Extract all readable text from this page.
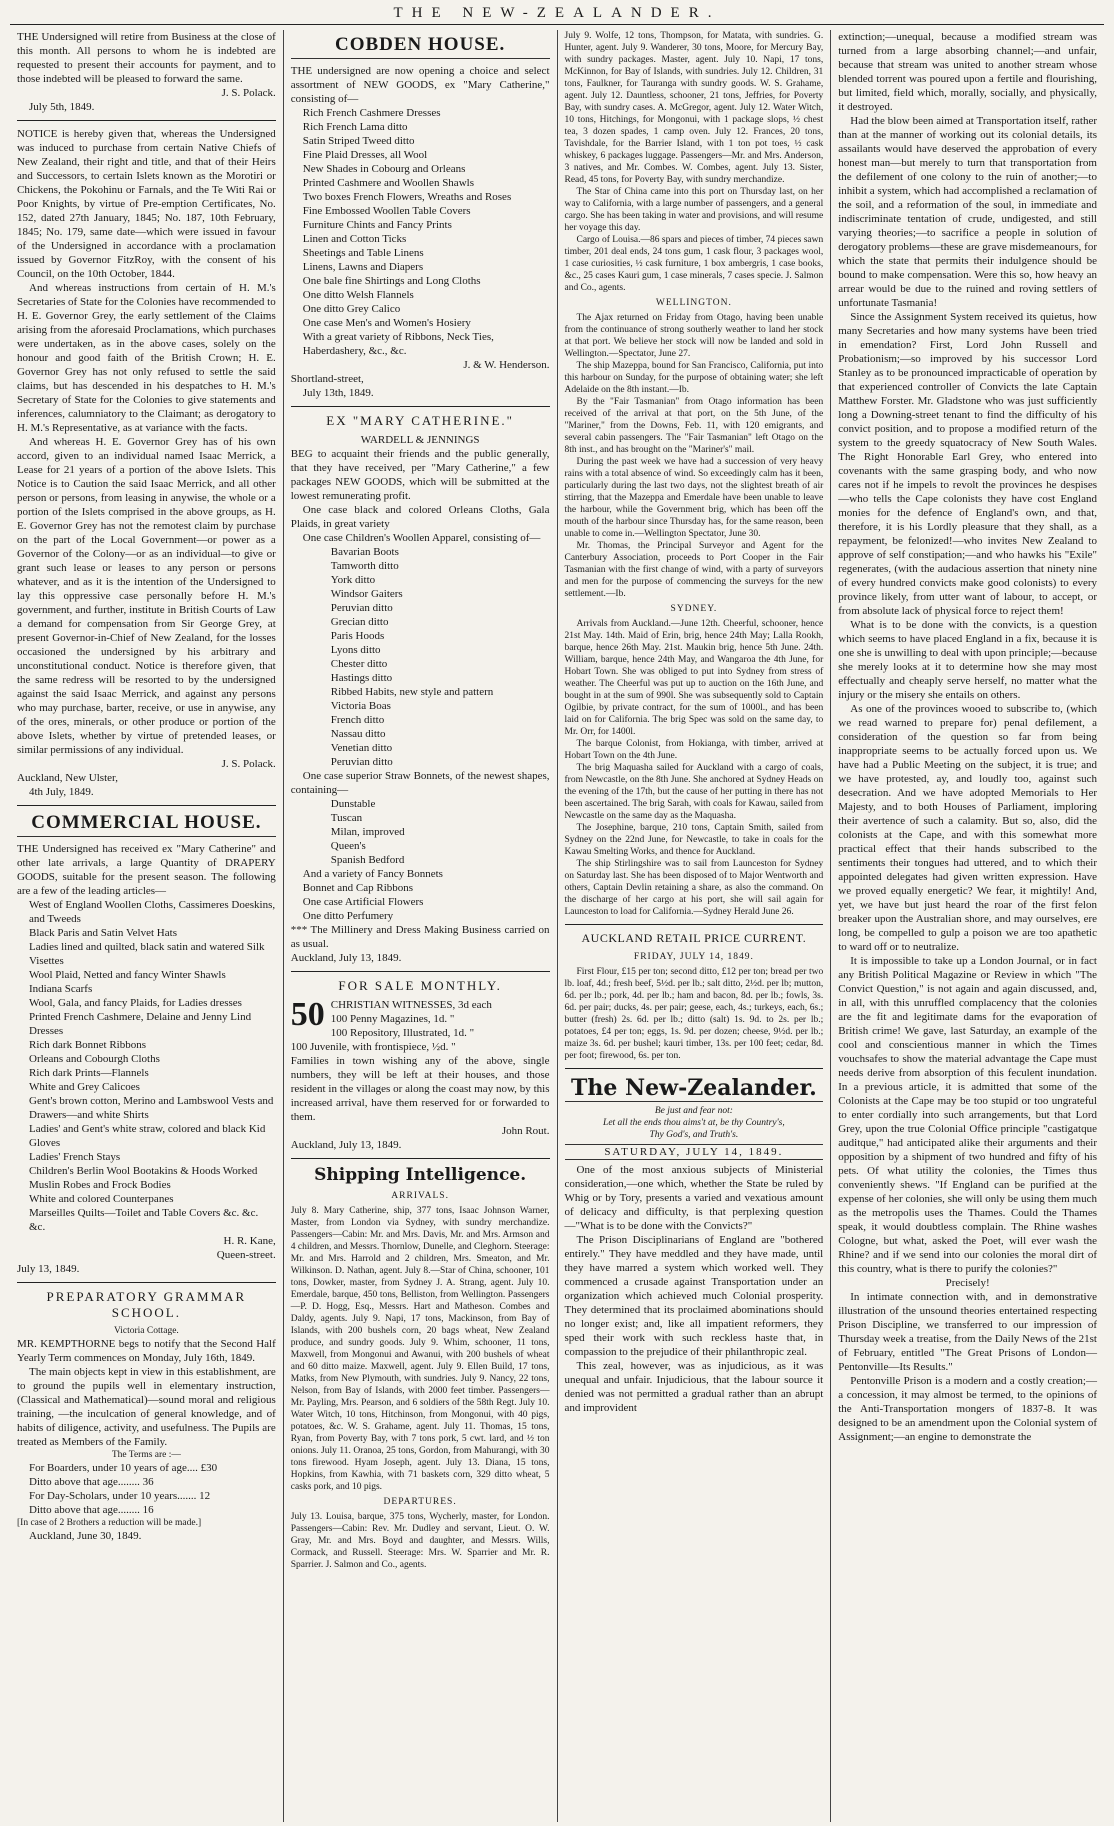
THE NEW-ZEALANDER.

THE Undersigned will retire from Business at the close of this month. All persons to whom he is indebted are requested to present their accounts for payment, and to those indebted will be pleased to forward the same.

J. S. Polack.

July 5th, 1849.

NOTICE is hereby given that, whereas the Undersigned was induced to purchase from certain Native Chiefs of New Zealand, their right and title, and that of their Heirs and Successors, to certain Islets known as the Morotiri or Chickens, the Pokohinu or Farnals, and the Te Witi Rai or Poor Knights, by virtue of Pre-emption Certificates, No. 152, dated 27th January, 1845; No. 187, 10th February, 1845; No. 179, same date—which were issued in favour of the Undersigned in accordance with a proclamation issued by Governor FitzRoy, with the consent of his Council, on the 10th October, 1844.

And whereas instructions from certain of H. M.'s Secretaries of State for the Colonies have recommended to H. E. Governor Grey, the early settlement of the Claims arising from the aforesaid Proclamations, which purchases were undertaken, as in the above cases, solely on the honour and good faith of the British Crown; H. E. Governor Grey has not only refused to settle the said claims, but has descended in his despatches to H. M.'s Secretary of State for the Colonies to give statements and inferences, calumniatory to the Claimant; as derogatory to H. M.'s Representative, as at variance with the facts.

And whereas H. E. Governor Grey has of his own accord, given to an individual named Isaac Merrick, a Lease for 21 years of a portion of the above Islets. This Notice is to Caution the said Isaac Merrick, and all other person or persons, from leasing in anywise, the whole or a portion of the Islets comprised in the above groups, as H. E. Governor Grey has not the remotest claim by purchase on the part of the Local Government—or power as a Governor of the Colony—or as an individual—to give or grant such lease or leases to any person or persons whatever, and as it is the intention of the Undersigned to lay this oppressive case personally before H. M.'s government, and further, institute in British Courts of Law a demand for compensation from Sir George Grey, at present Governor-in-Chief of New Zealand, for the losses occasioned the undersigned by his arbitrary and unconstitutional conduct. Notice is therefore given, that the same redress will be resorted to by the undersigned against the said Isaac Merrick, and against any persons who may purchase, barter, receive, or use in anywise, any of the ores, minerals, or other produce or portion of the above Islets, whether by virtue of pretended leases, or similar permissions of any individual.

J. S. Polack.

Auckland, New Ulster,

4th July, 1849.

COMMERCIAL HOUSE.

THE Undersigned has received ex "Mary Catherine" and other late arrivals, a large Quantity of DRAPERY GOODS, suitable for the present season. The following are a few of the leading articles—

West of England Woollen Cloths, Cassimeres Doeskins, and Tweeds
Black Paris and Satin Velvet Hats
Ladies lined and quilted, black satin and watered Silk Visettes
Wool Plaid, Netted and fancy Winter Shawls
Indiana Scarfs
Wool, Gala, and fancy Plaids, for Ladies dresses
Printed French Cashmere, Delaine and Jenny Lind Dresses
Rich dark Bonnet Ribbons
Orleans and Cobourgh Cloths
Rich dark Prints—Flannels
White and Grey Calicoes
Gent's brown cotton, Merino and Lambswool Vests and Drawers—and white Shirts
Ladies' and Gent's white straw, colored and black Kid Gloves
Ladies' French Stays
Children's Berlin Wool Bootakins & Hoods Worked Muslin Robes and Frock Bodies
White and colored Counterpanes
Marseilles Quilts—Toilet and Table Covers &c. &c. &c.

H. R. Kane,

Queen-street.

July 13, 1849.

PREPARATORY GRAMMAR SCHOOL.

Victoria Cottage.

MR. KEMPTHORNE begs to notify that the Second Half Yearly Term commences on Monday, July 16th, 1849.

The main objects kept in view in this establishment, are to ground the pupils well in elementary instruction, (Classical and Mathematical)—sound moral and religious training, —the inculcation of general knowledge, and of habits of diligence, activity, and usefulness. The Pupils are treated as Members of the Family.

The Terms are :—

For Boarders, under 10 years of age.... £30
Ditto above that age........ 36
For Day-Scholars, under 10 years....... 12
Ditto above that age........ 16

[In case of 2 Brothers a reduction will be made.]

Auckland, June 30, 1849.

COBDEN HOUSE.

THE undersigned are now opening a choice and select assortment of NEW GOODS, ex "Mary Catherine," consisting of—

Rich French Cashmere Dresses
Rich French Lama ditto
Satin Striped Tweed ditto
Fine Plaid Dresses, all Wool
New Shades in Cobourg and Orleans
Printed Cashmere and Woollen Shawls
Two boxes French Flowers, Wreaths and Roses
Fine Embossed Woollen Table Covers
Furniture Chints and Fancy Prints
Linen and Cotton Ticks
Sheetings and Table Linens
Linens, Lawns and Diapers
One bale fine Shirtings and Long Cloths
One ditto Welsh Flannels
One ditto Grey Calico
One case Men's and Women's Hosiery
With a great variety of Ribbons, Neck Ties, Haberdashery, &c., &c.

J. & W. Henderson.

Shortland-street,

July 13th, 1849.

EX "MARY CATHERINE."

WARDELL & JENNINGS

BEG to acquaint their friends and the public generally, that they have received, per "Mary Catherine," a few packages NEW GOODS, which will be submitted at the lowest remunerating profit.

One case black and colored Orleans Cloths, Gala Plaids, in great variety

One case Children's Woollen Apparel, consisting of—

Bavarian Boots
Tamworth ditto
York ditto
Windsor Gaiters
Peruvian ditto
Grecian ditto
Paris Hoods
Lyons ditto
Chester ditto
Hastings ditto
Ribbed Habits, new style and pattern
Victoria Boas
French ditto
Nassau ditto
Venetian ditto
Peruvian ditto

One case superior Straw Bonnets, of the newest shapes, containing—

Dunstable
Tuscan
Milan, improved
Queen's
Spanish Bedford
And a variety of Fancy Bonnets
Bonnet and Cap Ribbons
One case Artificial Flowers
One ditto Perfumery

*** The Millinery and Dress Making Business carried on as usual.

Auckland, July 13, 1849.

FOR SALE MONTHLY.
50 CHRISTIAN WITNESSES, 3d each
100 Penny Magazines, 1d. "
100 Repository, Illustrated, 1d. "
100 Juvenile, with frontispiece, ½d. "

Families in town wishing any of the above, single numbers, they will be left at their houses, and those resident in the villages or along the coast may now, by this increased arrival, have them reserved for or forwarded to them.

John Rout.

Auckland, July 13, 1849.

Shipping Intelligence.

ARRIVALS.

July 8. Mary Catherine, ship, 377 tons, Isaac Johnson Warner, Master, from London via Sydney, with sundry merchandize. Passengers—Cabin: Mr. and Mrs. Davis, Mr. and Mrs. Armson and 4 children, and Messrs. Thornlow, Dunelle, and Cleghorn. Steerage: Mr. and Mrs. Harrold and 2 children, Mrs. Smeaton, and Mr. Wilkinson. D. Nathan, agent. July 8.—Star of China, schooner, 101 tons, Dowker, master, from Sydney J. A. Strang, agent. July 10. Emerdale, barque, 450 tons, Belliston, from Wellington. Passengers—P. D. Hogg, Esq., Messrs. Hart and Matheson. Combes and Daldy, agents. July 9. Napi, 17 tons, Mackinson, from Bay of Islands, with 200 bushels corn, 20 bags wheat, New Zealand produce, and sundry goods. July 9. Whim, schooner, 11 tons, Maxwell, from Mongonui and Awanui, with 200 bushels of wheat and 60 ditto maize. Maxwell, agent. July 9. Ellen Build, 17 tons, Matks, from New Plymouth, with sundries. July 9. Nancy, 22 tons, Nelson, from Bay of Islands, with 2000 feet timber. Passengers—Mr. Payling, Mrs. Pearson, and 6 soldiers of the 58th Regt. July 10. Water Witch, 10 tons, Hitchinson, from Mongonui, with 40 pigs, potatoes, &c. W. S. Grahame, agent. July 11. Thomas, 15 tons, Ryan, from Poverty Bay, with 7 tons pork, 5 cwt. lard, and ½ ton onions. July 11. Oranoa, 25 tons, Gordon, from Mahurangi, with 30 tons firewood. Hyam Joseph, agent. July 13. Diana, 15 tons, Hopkins, from Kawhia, with 71 baskets corn, 329 ditto wheat, 5 casks pork, and 10 pigs.

DEPARTURES.

July 13. Louisa, barque, 375 tons, Wycherly, master, for London. Passengers—Cabin: Rev. Mr. Dudley and servant, Lieut. O. W. Gray, Mr. and Mrs. Boyd and daughter, and Messrs. Wills, Cormack, and Russell. Steerage: Mrs. W. Sparrier and Mr. R. Sparrier. J. Salmon and Co., agents.

July 9. Wolfe, 12 tons, Thompson, for Matata, with sundries. G. Hunter, agent. July 9. Wanderer, 30 tons, Moore, for Mercury Bay, with sundry packages. Master, agent. July 10. Napi, 17 tons, McKinnon, for Bay of Islands, with sundries. July 12. Children, 31 tons, Faulkner, for Tauranga with sundry goods. W. S. Grahame, agent. July 12. Dauntless, schooner, 21 tons, Jeffries, for Poverty Bay, with sundry cases. A. McGregor, agent. July 12. Water Witch, 10 tons, Hitchings, for Mongonui, with 1 package slops, ½ chest tea, 3 dozen spades, 1 camp oven. July 12. Frances, 20 tons, Tavishdale, for the Barrier Island, with 1 ton pot toes, ½ cask whiskey, 6 packages luggage. Passengers—Mr. and Mrs. Anderson, 3 natives, and Mr. Combes. W. Combes, agent. July 13. Sister, Read, 45 tons, for Poverty Bay, with sundry merchandize.

The Star of China came into this port on Thursday last, on her way to California, with a large number of passengers, and a general cargo. She has been taking in water and provisions, and will resume her voyage this day.

Cargo of Louisa.—86 spars and pieces of timber, 74 pieces sawn timber, 201 deal ends, 24 tons gum, 1 cask flour, 3 packages wool, 1 case curiosities, ½ cask furniture, 1 box ambergris, 1 case books, &c., 25 cases Kauri gum, 1 case minerals, 7 cases specie. J. Salmon and Co., agents.

WELLINGTON.

The Ajax returned on Friday from Otago, having been unable from the continuance of strong southerly weather to land her stock at that port. We believe her stock will now be landed and sold in Wellington.—Spectator, June 27.

The ship Mazeppa, bound for San Francisco, California, put into this harbour on Sunday, for the purpose of obtaining water; she left Adelaide on the 8th instant.—Ib.

By the "Fair Tasmanian" from Otago information has been received of the arrival at that port, on the 5th June, of the "Mariner," from the Downs, Feb. 11, with 120 emigrants, and several cabin passengers. The "Fair Tasmanian" left Otago on the 8th inst., and has brought on the "Mariner's" mail.

During the past week we have had a succession of very heavy rains with a total absence of wind. So exceedingly calm has it been, particularly during the last two days, not the slightest breath of air stirring, that the Mazeppa and Emerdale have been unable to leave the harbour, while the Government brig, which has been off the mouth of the harbour since Thursday has, for the same reason, been unable to come in.—Wellington Spectator, June 30.

Mr. Thomas, the Principal Surveyor and Agent for the Canterbury Association, proceeds to Port Cooper in the Fair Tasmanian with the first change of wind, with a party of surveyors and men for the purpose of commencing the surveys for the new settlement.—Ib.

SYDNEY.

Arrivals from Auckland.—June 12th. Cheerful, schooner, hence 21st May. 14th. Maid of Erin, brig, hence 24th May; Lalla Rookh, barque, hence 26th May. 21st. Maukin brig, hence 5th June. 24th. William, barque, hence 24th May, and Wangaroa the 4th June, for Hobart Town. She was obliged to put into Sydney from stress of weather. The Cheerful was put up to auction on the 16th June, and bought in at the sum of 990l. She was subsequently sold to Captain Ogilbie, by private contract, for the sum of 1000l., and has been laid on for California. The brig Spec was sold on the same day, to Mr. Orr, for 1400l.

The barque Colonist, from Hokianga, with timber, arrived at Hobart Town on the 4th June.

The brig Maquasha sailed for Auckland with a cargo of coals, from Newcastle, on the 8th June. She anchored at Sydney Heads on the evening of the 17th, but the cause of her putting in there has not been ascertained. The brig Sarah, with coals for Kawau, sailed from Newcastle on the same day as the Maquasha.

The Josephine, barque, 210 tons, Captain Smith, sailed from Sydney on the 22nd June, for Newcastle, to take in coals for the Kawau Smelting Works, and thence for Auckland.

The ship Stirlingshire was to sail from Launceston for Sydney on Saturday last. She has been disposed of to Major Wentworth and others, Captain Devlin retaining a share, as also the command. On the discharge of her cargo at his port, she will sail again for Launceston to load for California.—Sydney Herald June 26.

AUCKLAND RETAIL PRICE CURRENT.

FRIDAY, JULY 14, 1849.

First Flour, £15 per ton; second ditto, £12 per ton; bread per two lb. loaf, 4d.; fresh beef, 5½d. per lb.; salt ditto, 2½d. per lb; mutton, 6d. per lb.; pork, 4d. per lb.; ham and bacon, 8d. per lb.; fowls, 3s. 6d. per pair; ducks, 4s. per pair; geese, each, 4s.; turkeys, each, 6s.; butter (fresh) 2s. 6d. per lb.; ditto (salt) 1s. 9d. to 2s. per lb.; potatoes, £4 per ton; eggs, 1s. 9d. per dozen; cheese, 9½d. per lb.; maize 3s. 6d. per bushel; kauri timber, 13s. per 100 feet; cedar, 8d. per foot; firewood, 6s. per ton.

The New-Zealander.

Be just and fear not:

Let all the ends thou aims't at, be thy Country's,

Thy God's, and Truth's.

SATURDAY, JULY 14, 1849.

One of the most anxious subjects of Ministerial consideration,—one which, whether the State be ruled by Whig or by Tory, presents a varied and vexatious amount of delicacy and difficulty, is that perplexing question—"What is to be done with the Convicts?"

The Prison Disciplinarians of England are "bothered entirely." They have meddled and they have made, until they have marred a system which worked well. They commenced a crusade against Transportation under an organization which achieved much Colonial prosperity. They determined that its proclaimed abominations should no longer exist; and, like all impatient reformers, they sped their work with such reckless haste that, in compassion to the prejudice of their philanthropic zeal.

This zeal, however, was as injudicious, as it was unequal and unfair. Injudicious, that the labour source it denied was not permitted a gradual rather than an abrupt and improvident

extinction;—unequal, because a modified stream was turned from a large absorbing channel;—and unfair, because that stream was united to another stream whose blended torrent was poured upon a fertile and flourishing, but limited, field which, morally, socially, and physically, it destroyed.

Had the blow been aimed at Transportation itself, rather than at the manner of working out its colonial details, its assailants would have deserved the approbation of every honest man—but merely to turn that transportation from the defilement of one colony to the ruin of another;—to inhibit a system, which had accomplished a reclamation of the soil, and a reformation of the soul, in immediate and indiscriminate tentation of crude, undigested, and still varying theories;—to sacrifice a people in solution of derogatory problems—these are grave misdemeanours, for which the state that permits their indulgence should be bound to make compensation. Were this so, how heavy an arrear would be due to the ruined and roving settlers of unfortunate Tasmania!

Since the Assignment System received its quietus, how many Secretaries and how many systems have been tried in emendation? First, Lord John Russell and Probationism;—so improved by his successor Lord Stanley as to be pronounced impracticable of operation by that experienced controller of Convicts the late Captain Matthew Forster. Mr. Gladstone who was just sufficiently long a Downing-street tenant to find the difficulty of his convict position, and to propose a modified return of the system to the greedy squatocracy of New South Wales. The Right Honorable Earl Grey, who entered into covenants with the same grasping body, and who now cares not if he impels to revolt the provinces he despises—who tells the Cape colonists they have cost England monies for the defence of England's own, and that, therefore, it is his Lordly pleasure that they shall, as a repayment, be felonized!—who invites New Zealand to approve of self constipation;—and who hawks his "Exile" regenerates, (with the audacious assertion that ninety nine of every hundred convicts make good colonists) to every province likely, from utter want of labour, to accept, or from absolute lack of physical force to reject them!

What is to be done with the convicts, is a question which seems to have placed England in a fix, because it is one she is unwilling to deal with upon principle;—because she merely looks at it to determine how she may most effectually and cheaply serve herself, no matter what the injury or the misery she entails on others.

As one of the provinces wooed to subscribe to, (which we read warned to prepare for) penal defilement, a consideration of the question so far from being inappropriate seems to be actually forced upon us. We have had a Public Meeting on the subject, it is true; and we have protested, ay, and loudly too, against such desecration. And we have adopted Memorials to Her Majesty, and to both Houses of Parliament, imploring their avertence of such a calamity. But so, also, did the colonists at the Cape, and with this somewhat more practical effect that their hands subscribed to the sentiments their tongues had uttered, and to which their appointed delegates had given written expression. Have we proved equally energetic? We fear, it mightily! And, yet, we have but just heard the roar of the first felon breaker upon the Australian shore, and may ourselves, ere long, be compelled to gulp a poison we are too apathetic to ward off or to neutralize.

It is impossible to take up a London Journal, or in fact any British Political Magazine or Review in which "The Convict Question," is not again and again discussed, and, in all, with this unruffled complacency that the colonies are the fit and legitimate dams for the evaporation of British crime! We gave, last Saturday, an example of the cool and conscientious manner in which the Times vouchsafes to show the material advantage the Cape must needs derive from absorption of this feculent inundation. In a previous article, it is admitted that some of the Colonists at the Cape may be too stupid or too ungrateful to enter cordially into such arrangements, but that Lord Grey, upon the true Colonial Office principle "castigatque auditque," had anticipated alike their arguments and their opposition by a shipment of two hundred and fifty of his pets. Of what utility the colonies, the Times thus conveniently shews. "If England can be purified at the expense of her colonies, she will only be using them much as the metropolis uses the Thames. Could the Thames speak, it would doubtless complain. The Rhine washes Cologne, but what, asked the Poet, will ever wash the Rhine? and if we send into our colonies the moral dirt of this country, what is there to purify the colonies?"

Precisely!

In intimate connection with, and in demonstrative illustration of the unsound theories entertained respecting Prison Discipline, we transferred to our impression of Thursday week a treatise, from the Daily News of the 21st of February, entitled "The Great Prisons of London—Pentonville—Its Results."

Pentonville Prison is a modern and a costly creation;—a concession, it may almost be termed, to the opinions of the Anti-Transportation mongers of 1837-8. It was designed to be an amendment upon the Colonial system of Assignment;—an engine to demonstrate the
